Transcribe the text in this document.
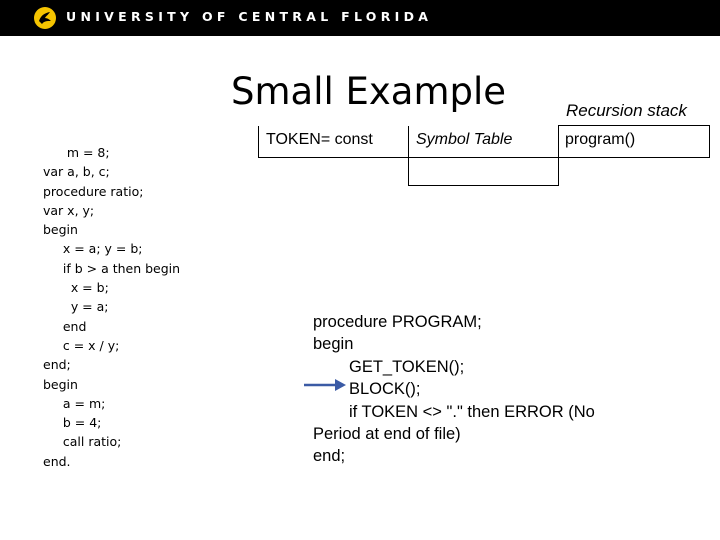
UNIVERSITY OF CENTRAL FLORIDA
Small Example	Recursion stack
TOKEN= const	Symbol Table	program()
m = 8;
var a, b, c;
procedure ratio;
var x, y;
begin
x = a; y = b;
if b > a then begin
x = b;
y = a;
end
c = x / y;
end;
begin
a = m;
b = 4;
call ratio;
end.
procedure PROGRAM;
begin
GET_TOKEN();
BLOCK();
if TOKEN <> "." then ERROR (No
Period at end of file)
end;
